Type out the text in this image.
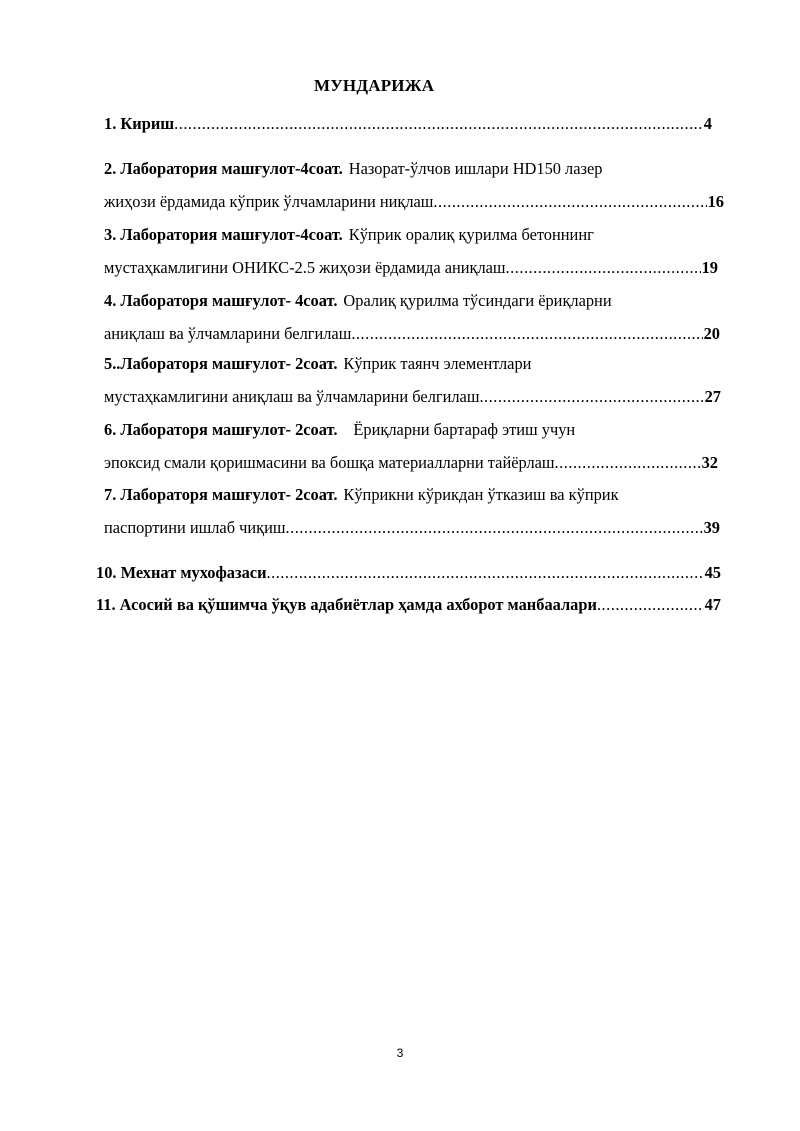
МУНДАРИЖА
1. Кириш .....	4
2. Лаборатория машғулот-4соат. Назорат-ўлчов ишлари HD150 лазер
жиҳози ёрдамида кўприк ўлчамларини ниқлаш .....	16
3. Лаборатория машғулот-4соат. Кўприк оралиқ қурилма бетоннинг
мустаҳкамлигини ОНИКС-2.5 жиҳози ёрдамида аниқлаш .....	19
4. Лабораторя машғулот- 4соат. Оралиқ қурилма тўсиндаги ёриқларни
аниқлаш ва ўлчамларини белгилаш .....	20
5..Лабораторя машғулот- 2соат. Кўприк таянч элементлари
мустаҳкамлигини аниқлаш ва ўлчамларини белгилаш .....	27
6. Лабораторя машғулот- 2соат. Ёриқларни бартараф этиш учун
эпоксид смали қоришмасини ва бошқа материалларни тайёрлаш .....	32
7. Лабораторя машғулот- 2соат. Кўприкни кўрикдан ўтказиш ва кўприк
паспортини ишлаб чиқиш .....	39
10. Мехнат мухофазаси .....	45
11. Асосий ва қўшимча ўқув адабиётлар ҳамда ахборот манбаалари .....	47
3
